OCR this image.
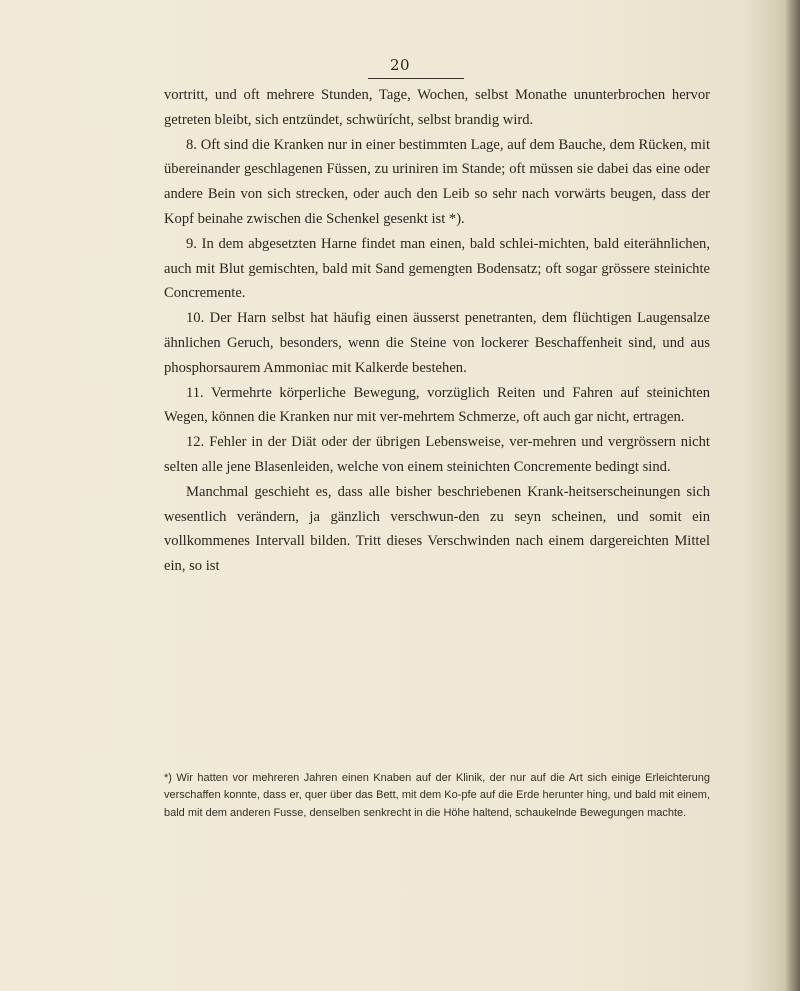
20

vortritt, und oft mehrere Stunden, Tage, Wochen, selbst Monathe ununterbrochen hervor getreten bleibt, sich entzündet, schwürícht, selbst brandig wird.

8. Oft sind die Kranken nur in einer bestimmten Lage, auf dem Bauche, dem Rücken, mit übereinander geschlagenen Füssen, zu uriniren im Stande; oft müssen sie dabei das eine oder andere Bein von sich strecken, oder auch den Leib so sehr nach vorwärts beugen, dass der Kopf beinahe zwischen die Schenkel gesenkt ist *).

9. In dem abgesetzten Harne findet man einen, bald schlei-michten, bald eiterähnlichen, auch mit Blut gemischten, bald mit Sand gemengten Bodensatz; oft sogar grössere steinichte Concremente.

10. Der Harn selbst hat häufig einen äusserst penetranten, dem flüchtigen Laugensalze ähnlichen Geruch, besonders, wenn die Steine von lockerer Beschaffenheit sind, und aus phosphorsaurem Ammoniac mit Kalkerde bestehen.

11. Vermehrte körperliche Bewegung, vorzüglich Reiten und Fahren auf steinichten Wegen, können die Kranken nur mit ver-mehrtem Schmerze, oft auch gar nicht, ertragen.

12. Fehler in der Diät oder der übrigen Lebensweise, ver-mehren und vergrössern nicht selten alle jene Blasenleiden, welche von einem steinichten Concremente bedingt sind.

Manchmal geschieht es, dass alle bisher beschriebenen Krank-heitserscheinungen sich wesentlich verändern, ja gänzlich verschwun-den zu seyn scheinen, und somit ein vollkommenes Intervall bilden. Tritt dieses Verschwinden nach einem dargereichten Mittel ein, so ist

*) Wir hatten vor mehreren Jahren einen Knaben auf der Klinik, der nur auf die Art sich einige Erleichterung verschaffen konnte, dass er, quer über das Bett, mit dem Ko-pfe auf die Erde herunter hing, und bald mit einem, bald mit dem anderen Fusse, denselben senkrecht in die Höhe haltend, schaukelnde Bewegungen machte.
